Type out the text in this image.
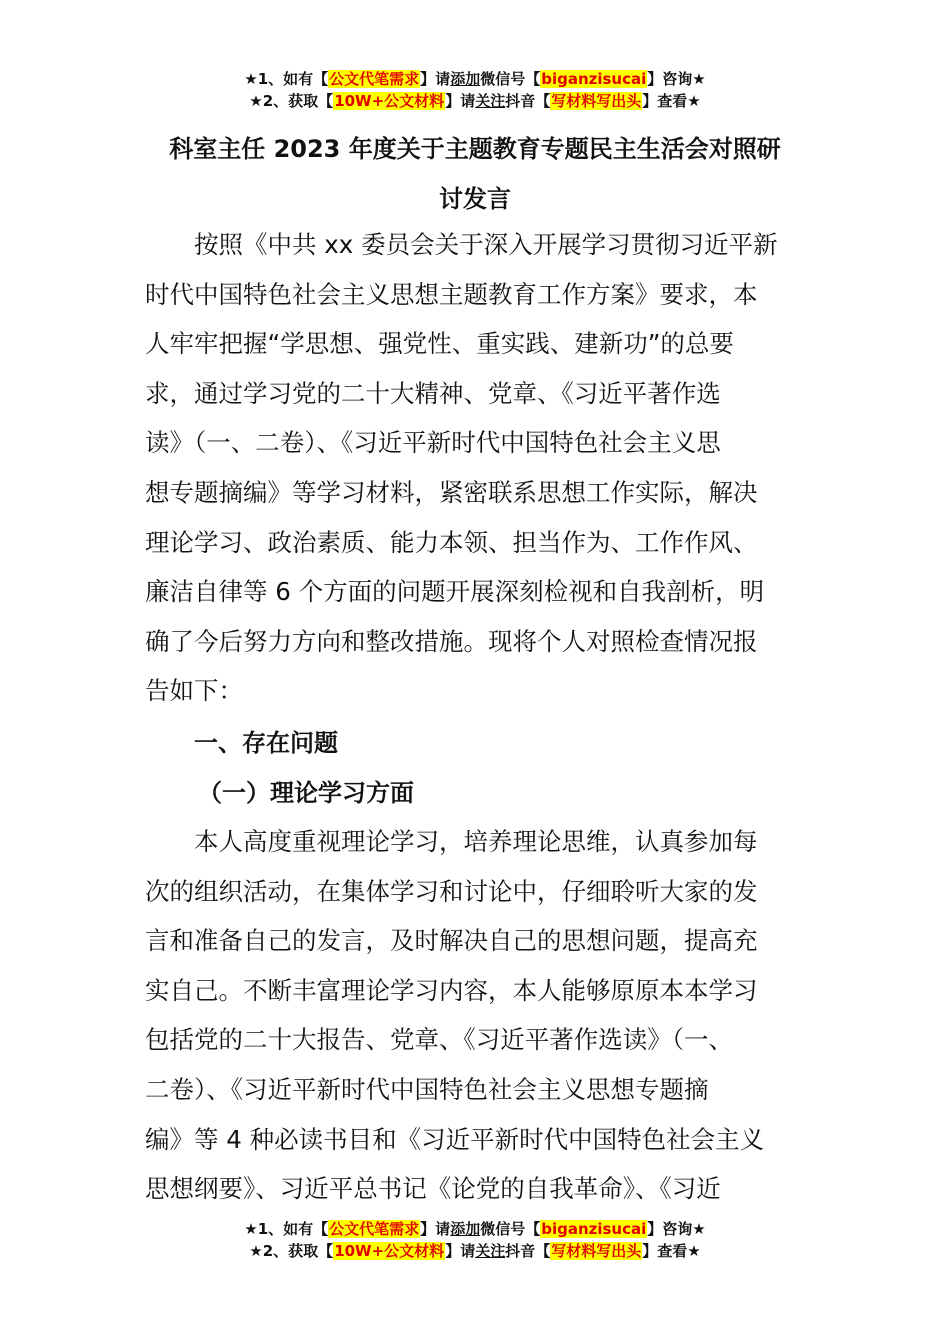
★1、如有【公文代笔需求】请添加微信号【biganzisucai】咨询★
★2、获取【10W+公文材料】请关注抖音【写材料写出头】查看★
科室主任 2023 年度关于主题教育专题民主生活会对照研
讨发言
按照《中共 xx 委员会关于深入开展学习贯彻习近平新
时代中国特色社会主义思想主题教育工作方案》要求，本
人牢牢把握“学思想、强党性、重实践、建新功”的总要
求，通过学习党的二十大精神、党章、《习近平著作选
读》（一、二卷）、《习近平新时代中国特色社会主义思
想专题摘编》等学习材料，紧密联系思想工作实际，解决
理论学习、政治素质、能力本领、担当作为、工作作风、
廉洁自律等 6 个方面的问题开展深刻检视和自我剖析，明
确了今后努力方向和整改措施。现将个人对照检查情况报
告如下：
一、存在问题
（一）理论学习方面
本人高度重视理论学习，培养理论思维，认真参加每
次的组织活动，在集体学习和讨论中，仔细聆听大家的发
言和准备自己的发言，及时解决自己的思想问题，提高充
实自己。不断丰富理论学习内容，本人能够原原本本学习
包括党的二十大报告、党章、《习近平著作选读》（一、
二卷）、《习近平新时代中国特色社会主义思想专题摘
编》等 4 种必读书目和《习近平新时代中国特色社会主义
思想纲要》、习近平总书记《论党的自我革命》、《习近
★1、如有【公文代笔需求】请添加微信号【biganzisucai】咨询★
★2、获取【10W+公文材料】请关注抖音【写材料写出头】查看★
